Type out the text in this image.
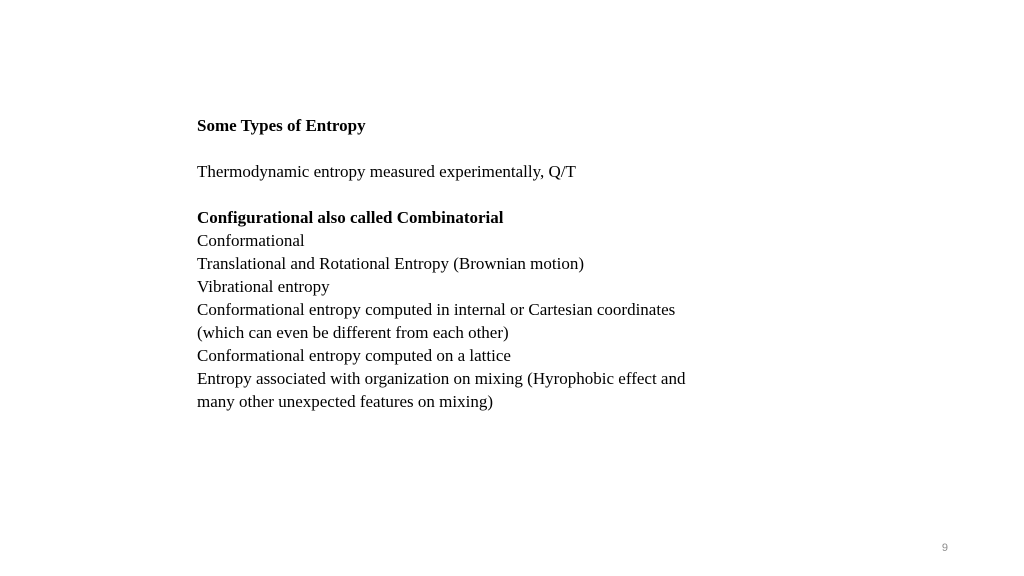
Some Types of Entropy
Thermodynamic entropy measured experimentally, Q/T
Configurational also called Combinatorial
Conformational
Translational and Rotational Entropy (Brownian motion)
Vibrational entropy
Conformational entropy computed in internal or Cartesian coordinates
(which can even be different from each other)
Conformational entropy computed on a lattice
Entropy associated with organization on mixing (Hyrophobic effect and
many other unexpected features on mixing)
9
